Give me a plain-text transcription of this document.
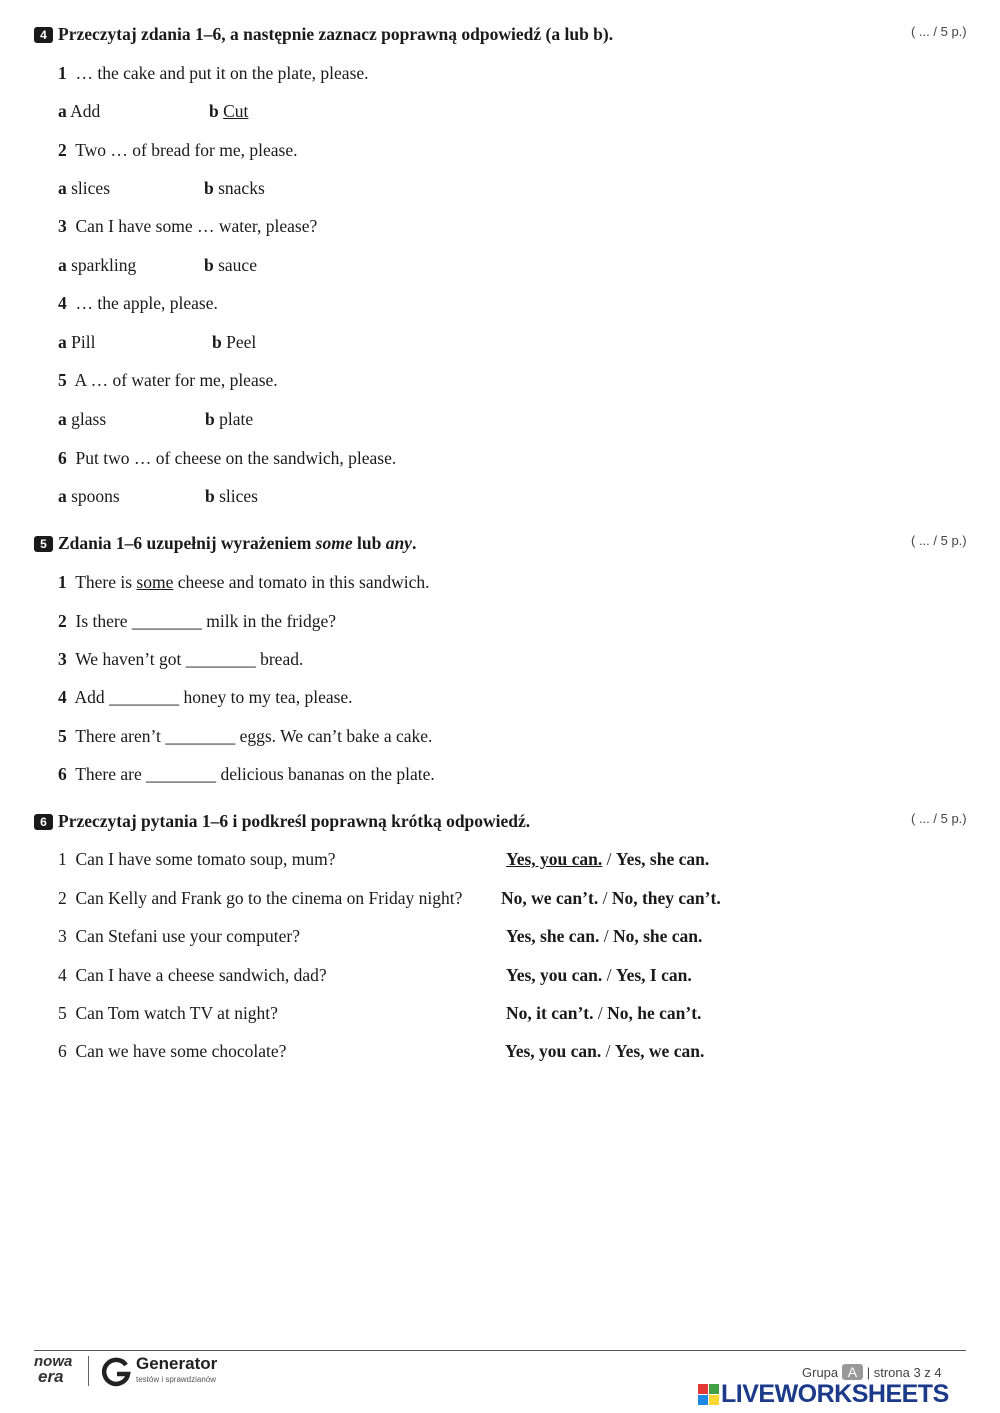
4 Przeczytaj zdania 1–6, a następnie zaznacz poprawną odpowiedź (a lub b).	( ... / 5 p.)
1 … the cake and put it on the plate, please.
a Add	b Cut
2 Two … of bread for me, please.
a slices	b snacks
3 Can I have some … water, please?
a sparkling	b sauce
4 … the apple, please.
a Pill	b Peel
5 A … of water for me, please.
a glass	b plate
6 Put two … of cheese on the sandwich, please.
a spoons	b slices
5 Zdania 1–6 uzupełnij wyrażeniem some lub any.	( ... / 5 p.)
1 There is some cheese and tomato in this sandwich.
2 Is there ________ milk in the fridge?
3 We haven’t got ________ bread.
4 Add ________ honey to my tea, please.
5 There aren’t ________ eggs. We can’t bake a cake.
6 There are ________ delicious bananas on the plate.
6 Przeczytaj pytania 1–6 i podkreśl poprawną krótką odpowiedź.	( ... / 5 p.)
1 Can I have some tomato soup, mum?	Yes, you can. / Yes, she can.
2 Can Kelly and Frank go to the cinema on Friday night? No, we can’t. / No, they can’t.
3 Can Stefani use your computer?	Yes, she can. / No, she can.
4 Can I have a cheese sandwich, dad?	Yes, you can. / Yes, I can.
5 Can Tom watch TV at night?	No, it can’t. / No, he can’t.
6 Can we have some chocolate?	Yes, you can. / Yes, we can.
nowa
era
Generator
testów i sprawdzianów	Grupa A | strona 3 z 4
LIVEWORKSHEETS
